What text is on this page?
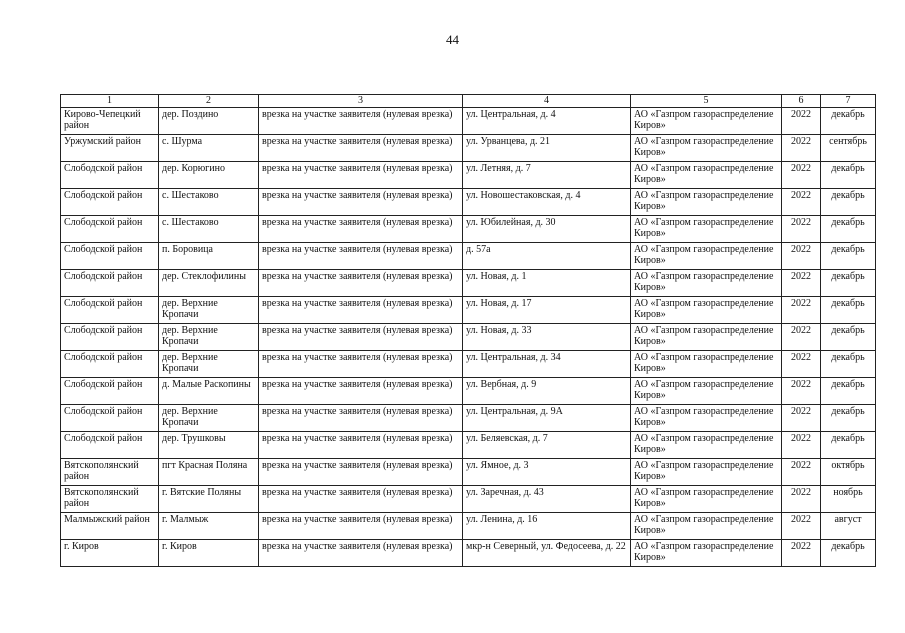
44
1	2	3	4	5	6	7
Кирово-Чепецкий район	дер. Поздино	врезка на участке заявителя (нулевая врезка)	ул. Центральная, д. 4	АО «Газпром газораспределение Киров»	2022	декабрь
Уржумский район	с. Шурма	врезка на участке заявителя (нулевая врезка)	ул. Урванцева, д. 21	АО «Газпром газораспределение Киров»	2022	сентябрь
Слободской район	дер. Корюгино	врезка на участке заявителя (нулевая врезка)	ул. Летняя, д. 7	АО «Газпром газораспределение Киров»	2022	декабрь
Слободской район	с. Шестаково	врезка на участке заявителя (нулевая врезка)	ул. Новошестаковская, д. 4	АО «Газпром газораспределение Киров»	2022	декабрь
Слободской район	с. Шестаково	врезка на участке заявителя (нулевая врезка)	ул. Юбилейная, д. 30	АО «Газпром газораспределение Киров»	2022	декабрь
Слободской район	п. Боровица	врезка на участке заявителя (нулевая врезка)	д. 57а	АО «Газпром газораспределение Киров»	2022	декабрь
Слободской район	дер. Стеклофилины	врезка на участке заявителя (нулевая врезка)	ул. Новая, д. 1	АО «Газпром газораспределение Киров»	2022	декабрь
Слободской район	дер. Верхние Кропачи	врезка на участке заявителя (нулевая врезка)	ул. Новая, д. 17	АО «Газпром газораспределение Киров»	2022	декабрь
Слободской район	дер. Верхние Кропачи	врезка на участке заявителя (нулевая врезка)	ул. Новая, д. 33	АО «Газпром газораспределение Киров»	2022	декабрь
Слободской район	дер. Верхние Кропачи	врезка на участке заявителя (нулевая врезка)	ул. Центральная, д. 34	АО «Газпром газораспределение Киров»	2022	декабрь
Слободской район	д. Малые Раскопины	врезка на участке заявителя (нулевая врезка)	ул. Вербная, д. 9	АО «Газпром газораспределение Киров»	2022	декабрь
Слободской район	дер. Верхние Кропачи	врезка на участке заявителя (нулевая врезка)	ул. Центральная, д. 9А	АО «Газпром газораспределение Киров»	2022	декабрь
Слободской район	дер. Трушковы	врезка на участке заявителя (нулевая врезка)	ул. Беляевская, д. 7	АО «Газпром газораспределение Киров»	2022	декабрь
Вятскополянский район	пгт Красная Поляна	врезка на участке заявителя (нулевая врезка)	ул. Ямное, д. 3	АО «Газпром газораспределение Киров»	2022	октябрь
Вятскополянский район	г. Вятские Поляны	врезка на участке заявителя (нулевая врезка)	ул. Заречная, д. 43	АО «Газпром газораспределение Киров»	2022	ноябрь
Малмыжский район	г. Малмыж	врезка на участке заявителя (нулевая врезка)	ул. Ленина, д. 16	АО «Газпром газораспределение Киров»	2022	август
г. Киров	г. Киров	врезка на участке заявителя (нулевая врезка)	мкр-н Северный, ул. Федосеева, д. 22	АО «Газпром газораспределение Киров»	2022	декабрь
